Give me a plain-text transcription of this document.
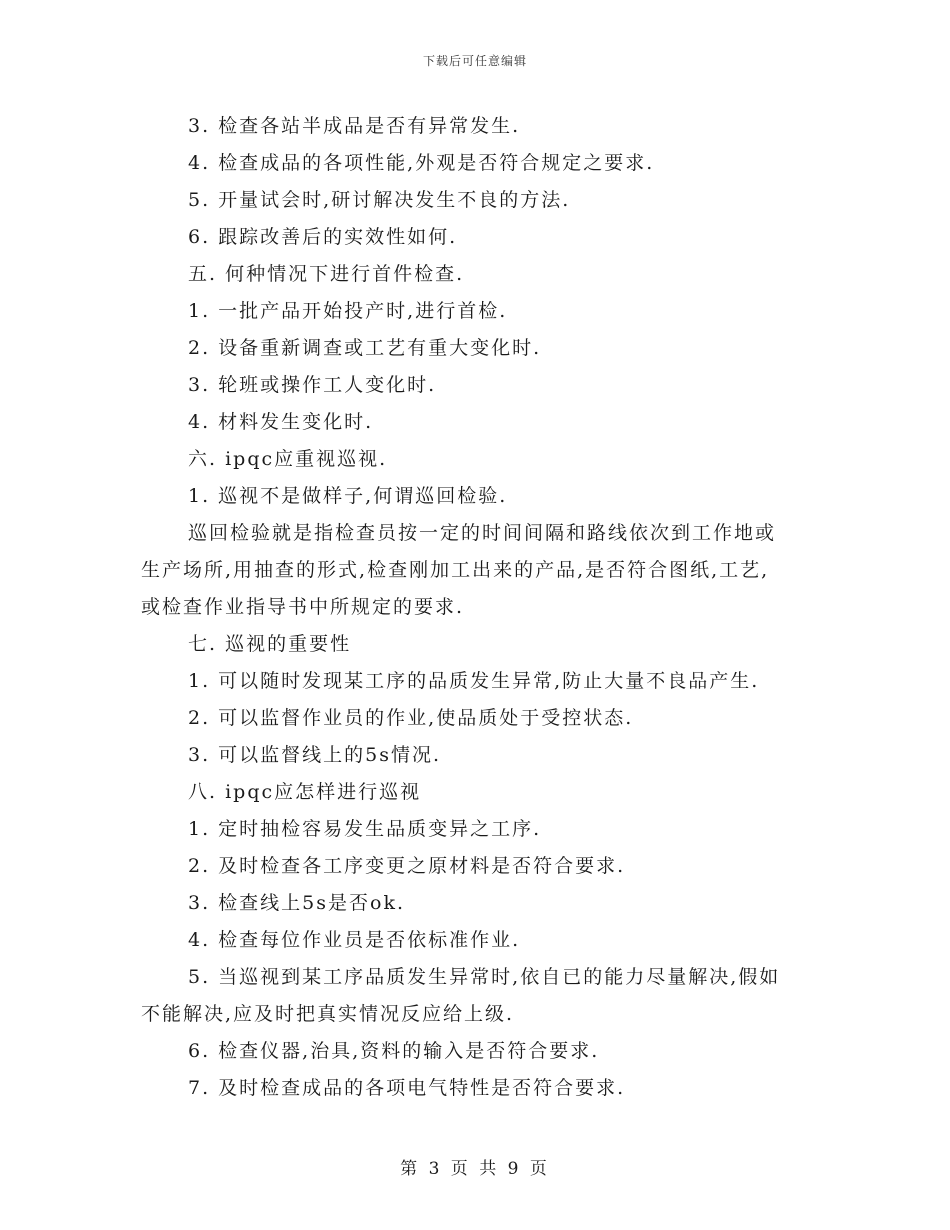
下载后可任意编辑
3. 检查各站半成品是否有异常发生.
4. 检查成品的各项性能,外观是否符合规定之要求.
5. 开量试会时,研讨解决发生不良的方法.
6. 跟踪改善后的实效性如何.
五. 何种情况下进行首件检查.
1. 一批产品开始投产时,进行首检.
2. 设备重新调查或工艺有重大变化时.
3. 轮班或操作工人变化时.
4. 材料发生变化时.
六. ipqc应重视巡视.
1. 巡视不是做样子,何谓巡回检验.
巡回检验就是指检查员按一定的时间间隔和路线依次到工作地或
生产场所,用抽查的形式,检查刚加工出来的产品,是否符合图纸,工艺,
或检查作业指导书中所规定的要求.
七. 巡视的重要性
1. 可以随时发现某工序的品质发生异常,防止大量不良品产生.
2. 可以监督作业员的作业,使品质处于受控状态.
3. 可以监督线上的5s情况.
八. ipqc应怎样进行巡视
1. 定时抽检容易发生品质变异之工序.
2. 及时检查各工序变更之原材料是否符合要求.
3. 检查线上5s是否ok.
4. 检查每位作业员是否依标准作业.
5. 当巡视到某工序品质发生异常时,依自已的能力尽量解决,假如
不能解决,应及时把真实情况反应给上级.
6. 检查仪器,治具,资料的输入是否符合要求.
7. 及时检查成品的各项电气特性是否符合要求.
第 3 页 共 9 页
